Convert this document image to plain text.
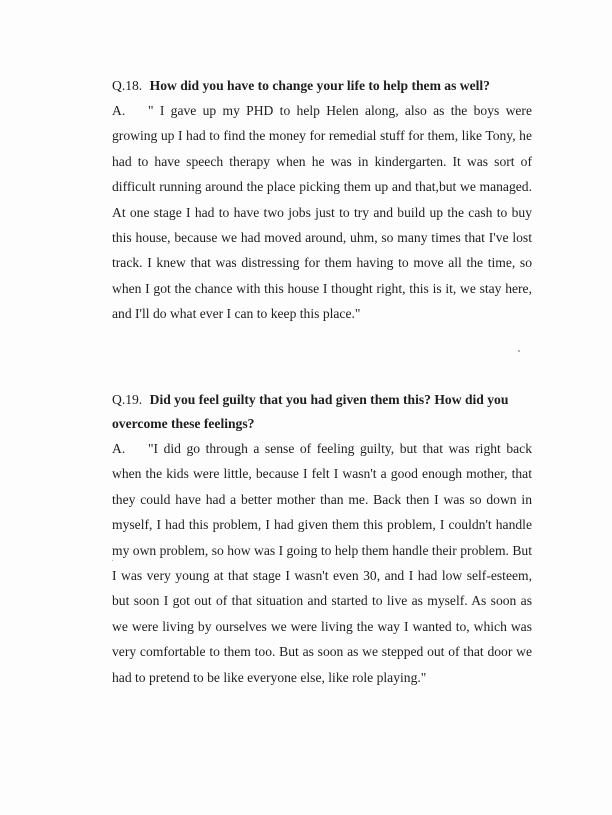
Q.18. How did you have to change your life to help them as well?

A. " I gave up my PHD to help Helen along, also as the boys were growing up I had to find the money for remedial stuff for them, like Tony, he had to have speech therapy when he was in kindergarten. It was sort of difficult running around the place picking them up and that,but we managed. At one stage I had to have two jobs just to try and build up the cash to buy this house, because we had moved around, uhm, so many times that I've lost track. I knew that was distressing for them having to move all the time, so when I got the chance with this house I thought right, this is it, we stay here, and I'll do what ever I can to keep this place."

Q.19. Did you feel guilty that you had given them this? How did you overcome these feelings?

A. "I did go through a sense of feeling guilty, but that was right back when the kids were little, because I felt I wasn't a good enough mother, that they could have had a better mother than me. Back then I was so down in myself, I had this problem, I had given them this problem, I couldn't handle my own problem, so how was I going to help them handle their problem. But I was very young at that stage I wasn't even 30, and I had low self-esteem, but soon I got out of that situation and started to live as myself. As soon as we were living by ourselves we were living the way I wanted to, which was very comfortable to them too. But as soon as we stepped out of that door we had to pretend to be like everyone else, like role playing."
